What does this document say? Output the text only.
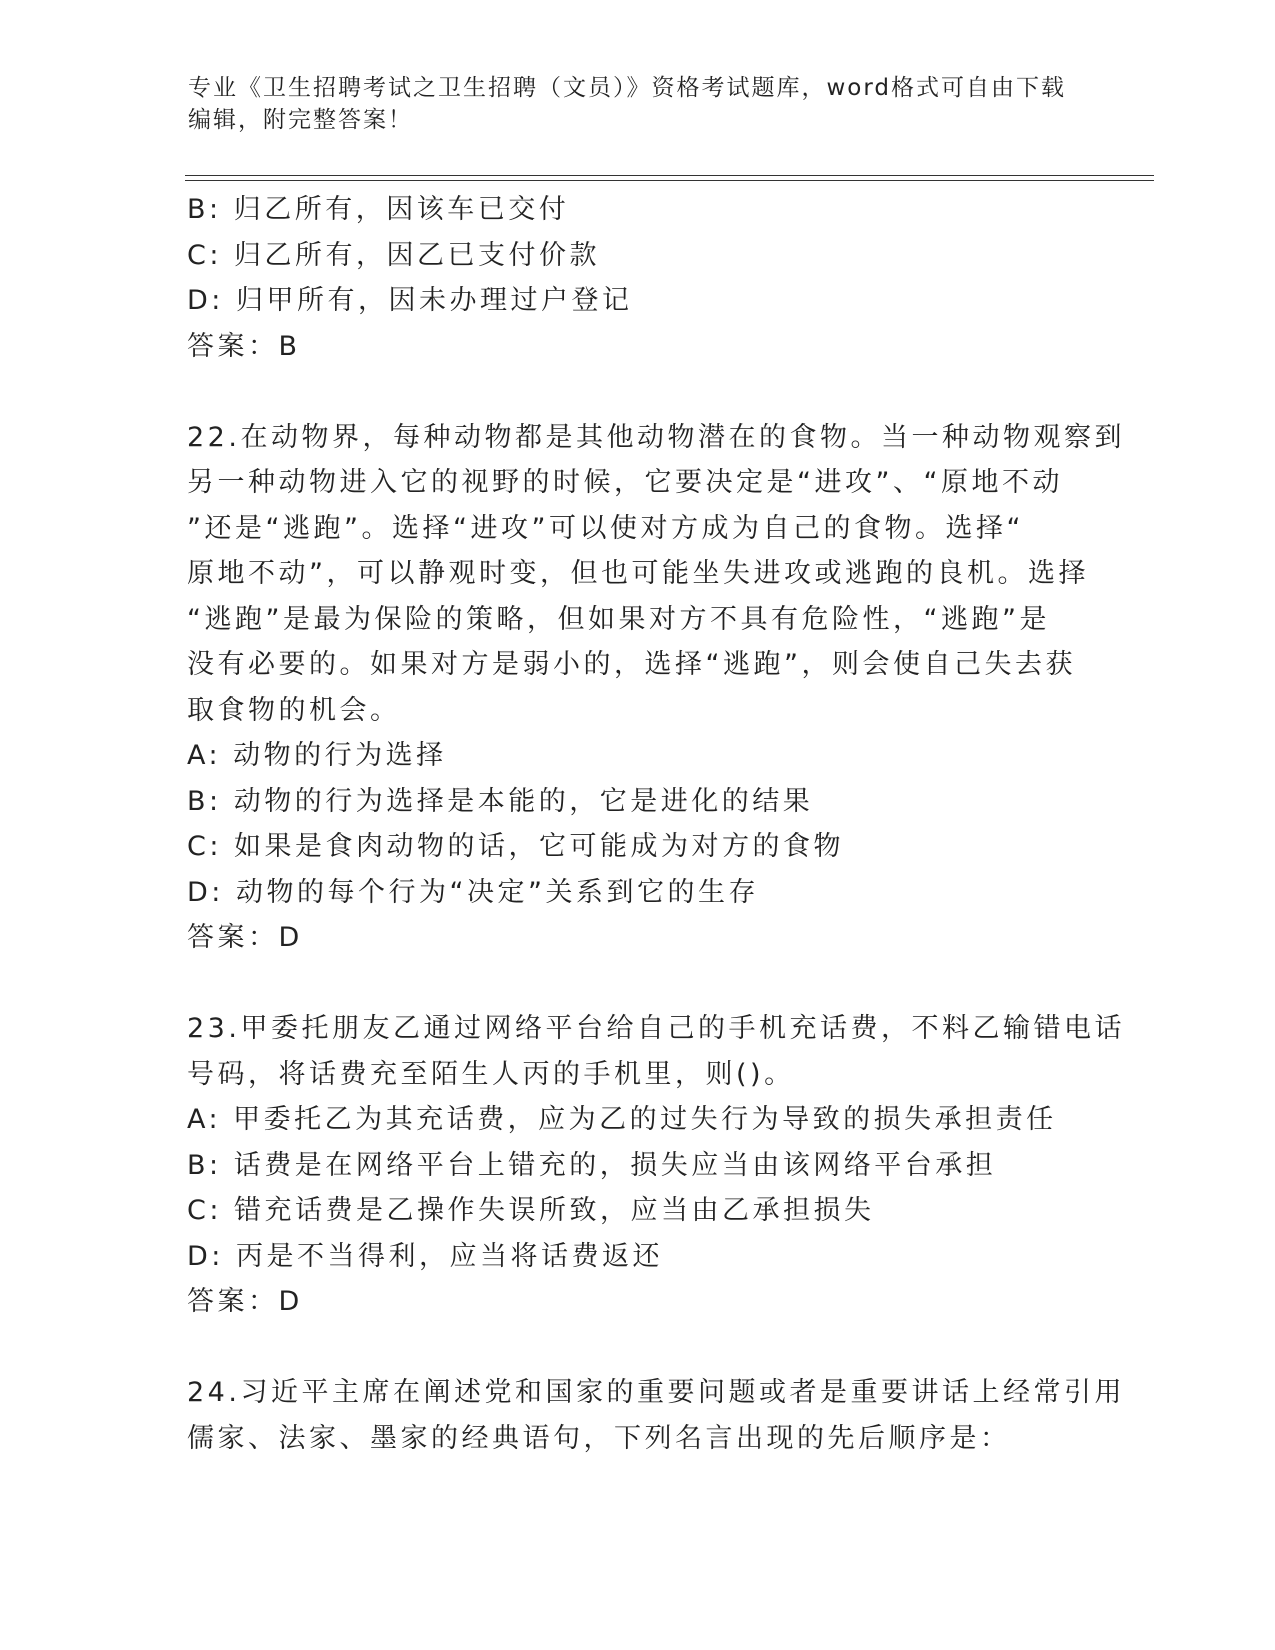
专业《卫生招聘考试之卫生招聘（文员）》资格考试题库，word格式可自由下载
编辑，附完整答案！
B: 归乙所有，因该车已交付
C: 归乙所有，因乙已支付价款
D: 归甲所有，因未办理过户登记
答案：B
22.在动物界，每种动物都是其他动物潜在的食物。当一种动物观察到
另一种动物进入它的视野的时候，它要决定是“进攻”、“原地不动
”还是“逃跑”。选择“进攻”可以使对方成为自己的食物。选择“
原地不动”，可以静观时变，但也可能坐失进攻或逃跑的良机。选择
“逃跑”是最为保险的策略，但如果对方不具有危险性，“逃跑”是
没有必要的。如果对方是弱小的，选择“逃跑”，则会使自己失去获
取食物的机会。
A: 动物的行为选择
B: 动物的行为选择是本能的，它是进化的结果
C: 如果是食肉动物的话，它可能成为对方的食物
D: 动物的每个行为“决定”关系到它的生存
答案：D
23.甲委托朋友乙通过网络平台给自己的手机充话费，不料乙输错电话
号码，将话费充至陌生人丙的手机里，则()。
A: 甲委托乙为其充话费，应为乙的过失行为导致的损失承担责任
B: 话费是在网络平台上错充的，损失应当由该网络平台承担
C: 错充话费是乙操作失误所致，应当由乙承担损失
D: 丙是不当得利，应当将话费返还
答案：D
24.习近平主席在阐述党和国家的重要问题或者是重要讲话上经常引用
儒家、法家、墨家的经典语句，下列名言出现的先后顺序是：
